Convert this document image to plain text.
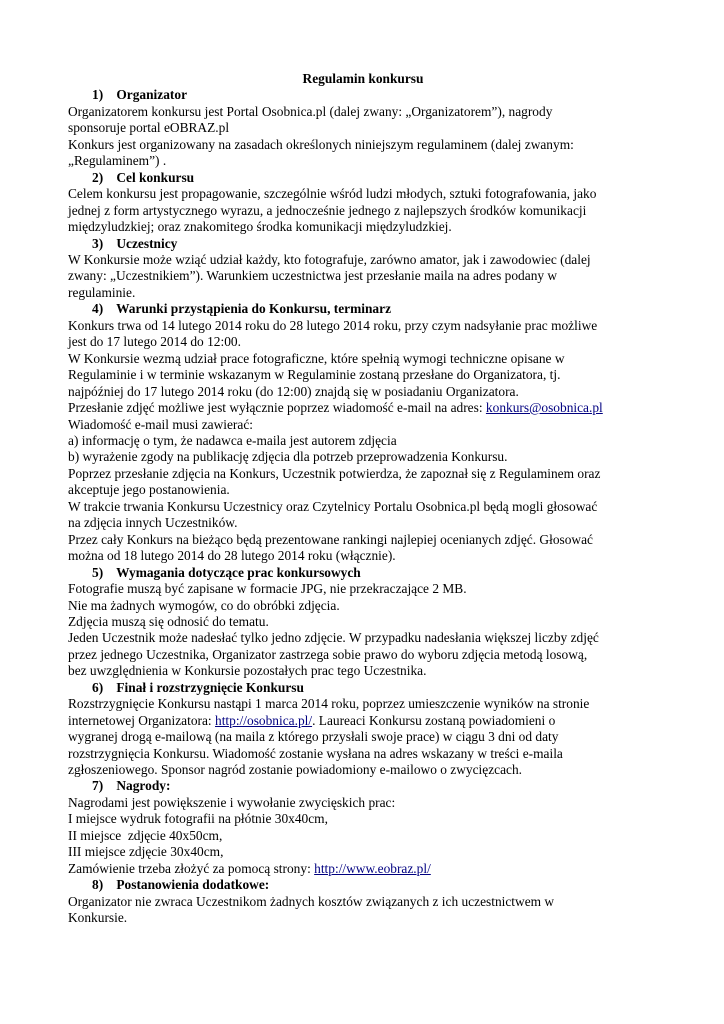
Regulamin konkursu

1) Organizator

Organizatorem konkursu jest Portal Osobnica.pl (dalej zwany: „Organizatorem”), nagrody
sponsoruje portal eOBRAZ.pl

Konkurs jest organizowany na zasadach określonych niniejszym regulaminem (dalej zwanym:
„Regulaminem”) .

2) Cel konkursu

Celem konkursu jest propagowanie, szczególnie wśród ludzi młodych, sztuki fotografowania, jako
jednej z form artystycznego wyrazu, a jednocześnie jednego z najlepszych środków komunikacji
międzyludzkiej; oraz znakomitego środka komunikacji międzyludzkiej.

3) Uczestnicy

W Konkursie może wziąć udział każdy, kto fotografuje, zarówno amator, jak i zawodowiec (dalej
zwany: „Uczestnikiem”). Warunkiem uczestnictwa jest przesłanie maila na adres podany w
regulaminie.

4) Warunki przystąpienia do Konkursu, terminarz

Konkurs trwa od 14 lutego 2014 roku do 28 lutego 2014 roku, przy czym nadsyłanie prac możliwe
jest do 17 lutego 2014 do 12:00.

W Konkursie wezmą udział prace fotograficzne, które spełnią wymogi techniczne opisane w
Regulaminie i w terminie wskazanym w Regulaminie zostaną przesłane do Organizatora, tj.
najpóźniej do 17 lutego 2014 roku (do 12:00) znajdą się w posiadaniu Organizatora.

Przesłanie zdjęć możliwe jest wyłącznie poprzez wiadomość e-mail na adres: konkurs@osobnica.pl

Wiadomość e-mail musi zawierać:

a) informację o tym, że nadawca e-maila jest autorem zdjęcia

b) wyrażenie zgody na publikację zdjęcia dla potrzeb przeprowadzenia Konkursu.

Poprzez przesłanie zdjęcia na Konkurs, Uczestnik potwierdza, że zapoznał się z Regulaminem oraz
akceptuje jego postanowienia.

W trakcie trwania Konkursu Uczestnicy oraz Czytelnicy Portalu Osobnica.pl będą mogli głosować
na zdjęcia innych Uczestników.

Przez cały Konkurs na bieżąco będą prezentowane rankingi najlepiej ocenianych zdjęć. Głosować
można od 18 lutego 2014 do 28 lutego 2014 roku (włącznie).

5) Wymagania dotyczące prac konkursowych

Fotografie muszą być zapisane w formacie JPG, nie przekraczające 2 MB.

Nie ma żadnych wymogów, co do obróbki zdjęcia.

Zdjęcia muszą się odnosić do tematu.

Jeden Uczestnik może nadesłać tylko jedno zdjęcie. W przypadku nadesłania większej liczby zdjęć
przez jednego Uczestnika, Organizator zastrzega sobie prawo do wyboru zdjęcia metodą losową,
bez uwzględnienia w Konkursie pozostałych prac tego Uczestnika.

6) Finał i rozstrzygnięcie Konkursu

Rozstrzygnięcie Konkursu nastąpi 1 marca 2014 roku, poprzez umieszczenie wyników na stronie
internetowej Organizatora: http://osobnica.pl/. Laureaci Konkursu zostaną powiadomieni o
wygranej drogą e-mailową (na maila z którego przysłali swoje prace) w ciągu 3 dni od daty
rozstrzygnięcia Konkursu. Wiadomość zostanie wysłana na adres wskazany w treści e-maila
zgłoszeniowego. Sponsor nagród zostanie powiadomiony e-mailowo o zwycięzcach.

7) Nagrody:

Nagrodami jest powiększenie i wywołanie zwycięskich prac:

I miejsce wydruk fotografii na płótnie 30x40cm,

II miejsce  zdjęcie 40x50cm,

III miejsce zdjęcie 30x40cm,

Zamówienie trzeba złożyć za pomocą strony: http://www.eobraz.pl/

8) Postanowienia dodatkowe:

Organizator nie zwraca Uczestnikom żadnych kosztów związanych z ich uczestnictwem w
Konkursie.
